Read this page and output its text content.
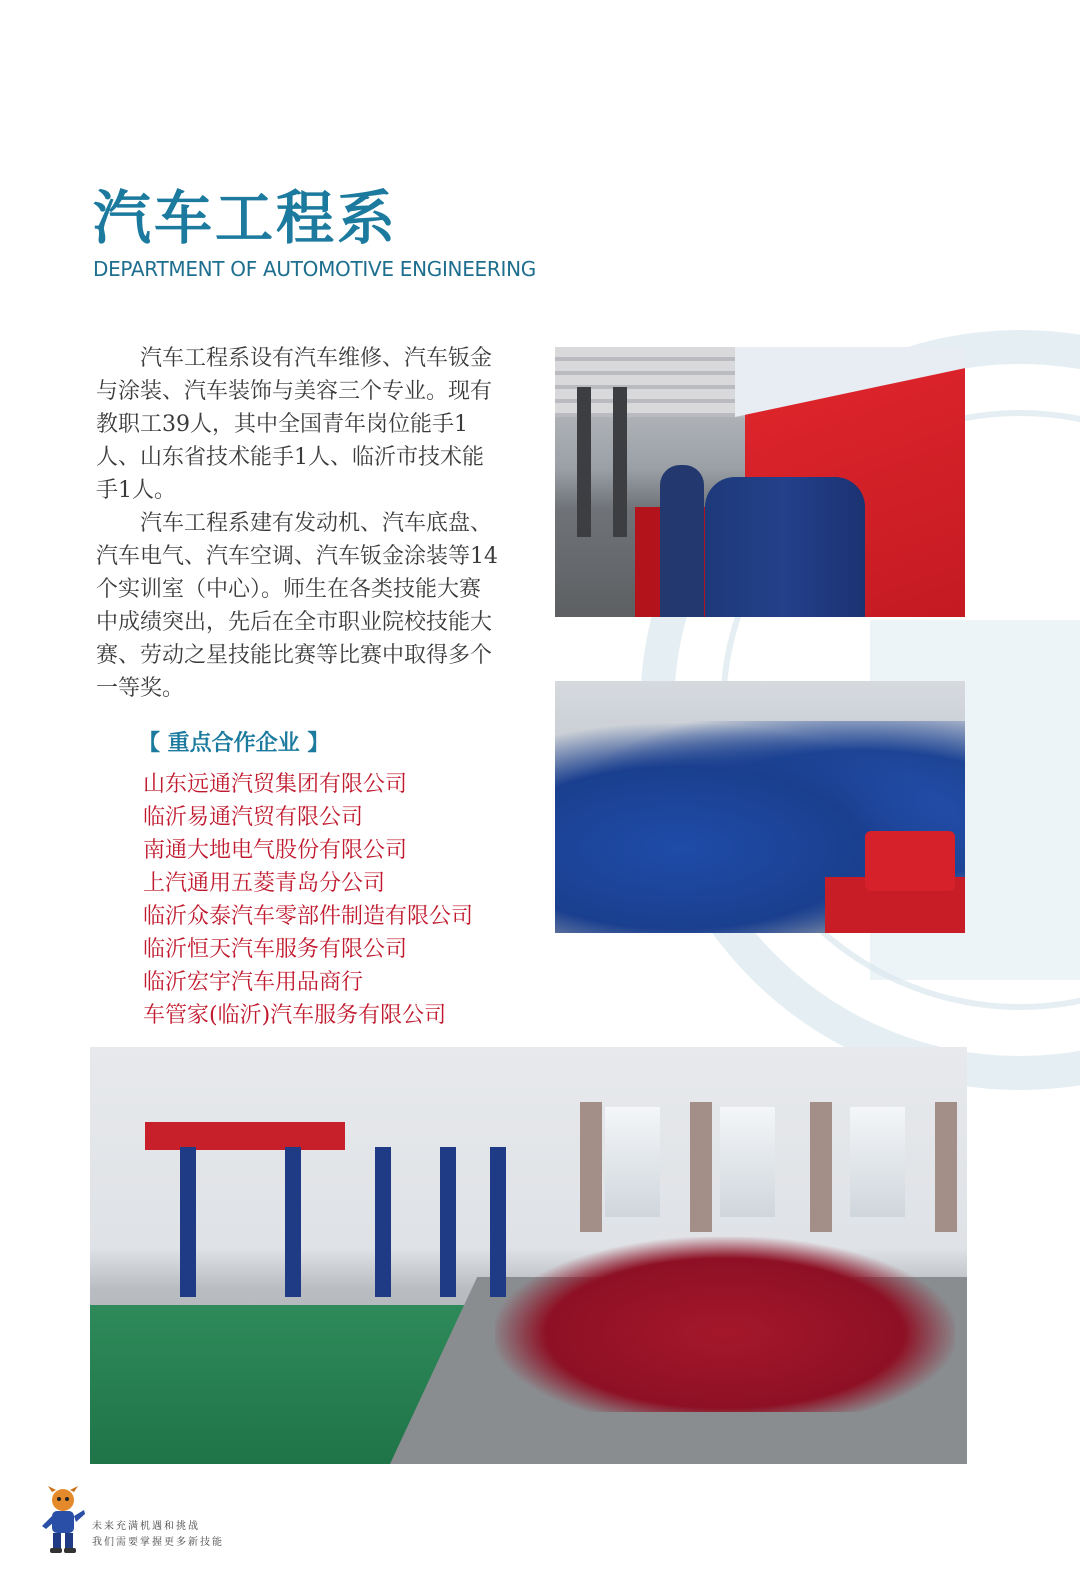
汽车工程系

DEPARTMENT OF AUTOMOTIVE ENGINEERING

汽车工程系设有汽车维修、汽车钣金与涂装、汽车装饰与美容三个专业。现有教职工39人，其中全国青年岗位能手1人、山东省技术能手1人、临沂市技术能手1人。

汽车工程系建有发动机、汽车底盘、汽车电气、汽车空调、汽车钣金涂装等14个实训室（中心）。师生在各类技能大赛中成绩突出，先后在全市职业院校技能大赛、劳动之星技能比赛等比赛中取得多个一等奖。

【 重点合作企业 】
山东远通汽贸集团有限公司
临沂易通汽贸有限公司
南通大地电气股份有限公司
上汽通用五菱青岛分公司
临沂众泰汽车零部件制造有限公司
临沂恒天汽车服务有限公司
临沂宏宇汽车用品商行
车管家(临沂)汽车服务有限公司

未来充满机遇和挑战
我们需要掌握更多新技能
